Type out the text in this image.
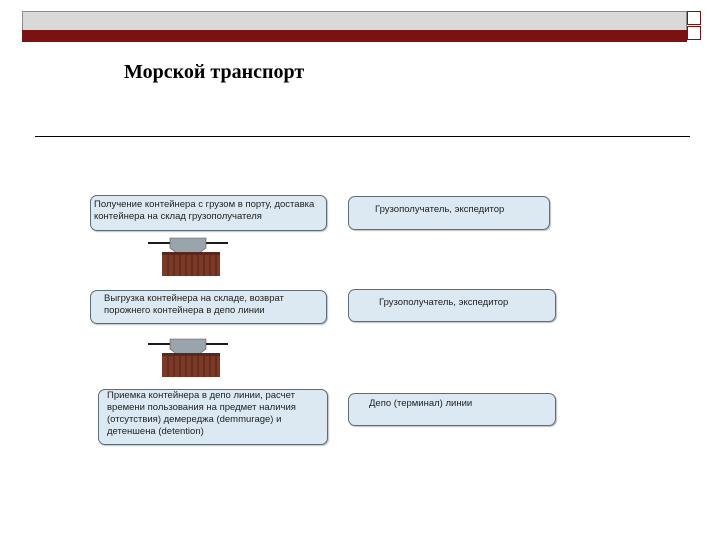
Морской транспорт
Получение контейнера с грузом в порту, доставка
контейнера на склад грузополучателя
Выгрузка контейнера на складе, возврат
порожнего контейнера в депо линии
Приемка контейнера в депо линии, расчет
времени пользования на предмет наличия
(отсутствия) демереджа (demmurage) и
детеншена (detention)
Грузополучатель, экспедитор
Грузополучатель, экспедитор
Депо (терминал) линии
